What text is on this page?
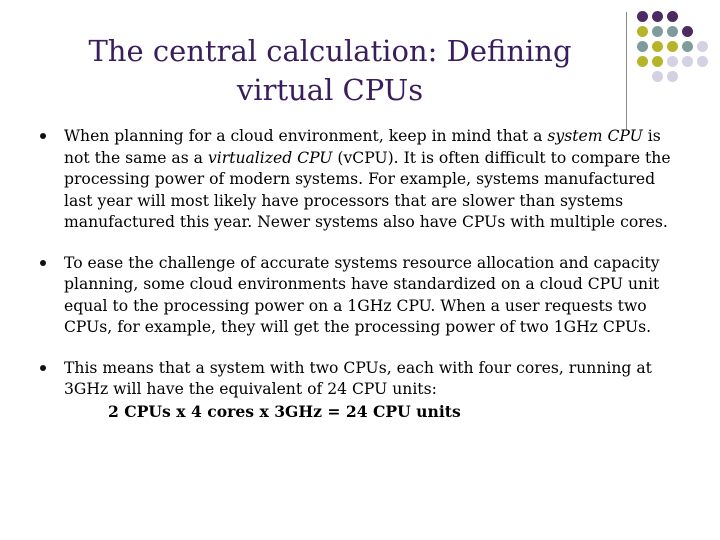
The central calculation: Defining
virtual CPUs
When planning for a cloud environment, keep in mind that a system CPU is not the same as a virtualized CPU (vCPU). It is often difficult to compare the processing power of modern systems. For example, systems manufactured last year will most likely have processors that are slower than systems manufactured this year. Newer systems also have CPUs with multiple cores.
To ease the challenge of accurate systems resource allocation and capacity planning, some cloud environments have standardized on a cloud CPU unit equal to the processing power on a 1GHz CPU. When a user requests two CPUs, for example, they will get the processing power of two 1GHz CPUs.
This means that a system with two CPUs, each with four cores, running at 3GHz will have the equivalent of 24 CPU units:
2 CPUs x 4 cores x 3GHz = 24 CPU units
